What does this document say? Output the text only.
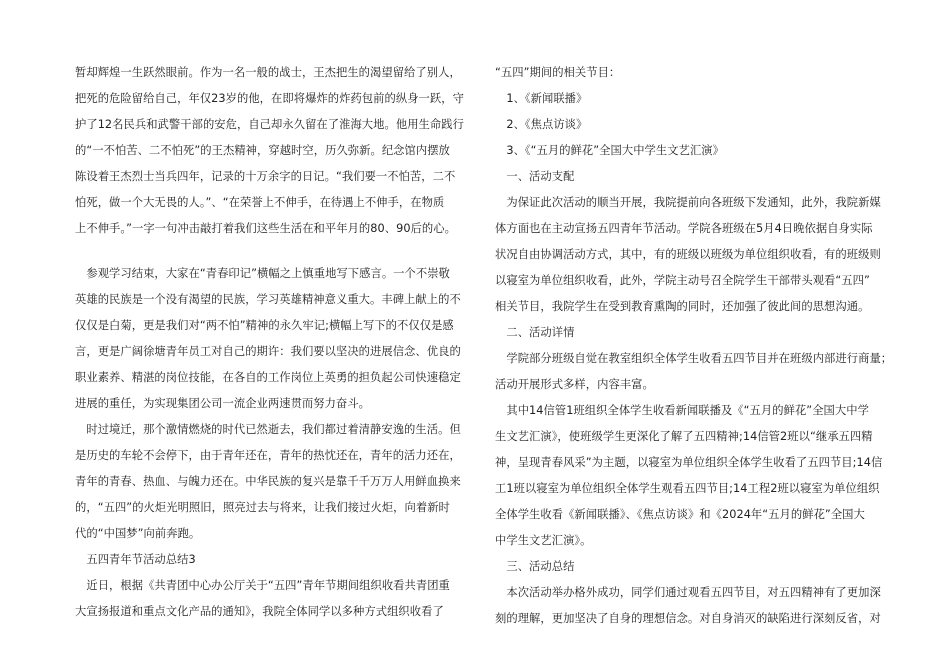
暂却辉煌一生跃然眼前。作为一名一般的战士，王杰把生的渴望留给了别人，

把死的危险留给自己，年仅23岁的他，在即将爆炸的炸药包前的纵身一跃，守

护了12名民兵和武警干部的安危，自己却永久留在了淮海大地。他用生命践行

的“一不怕苦、二不怕死”的王杰精神，穿越时空，历久弥新。纪念馆内摆放

陈设着王杰烈士当兵四年，记录的十万余字的日记。“我们要一不怕苦，二不

怕死，做一个大无畏的人。”、“在荣誉上不伸手，在待遇上不伸手，在物质

上不伸手。”一字一句冲击敲打着我们这些生活在和平年月的80、90后的心。

　参观学习结束，大家在“青春印记”横幅之上慎重地写下感言。一个不崇敬

英雄的民族是一个没有渴望的民族，学习英雄精神意义重大。丰碑上献上的不

仅仅是白菊，更是我们对“两不怕”精神的永久牢记;横幅上写下的不仅仅是感

言，更是广阔徐塘青年员工对自己的期许：我们要以坚决的进展信念、优良的

职业素养、精湛的岗位技能，在各自的工作岗位上英勇的担负起公司快速稳定

进展的重任，为实现集团公司一流企业两速贯而努力奋斗。

　时过境迁，那个激情燃烧的时代已然逝去，我们都过着清静安逸的生活。但

是历史的车轮不会停下，由于青年还在，青年的热忱还在，青年的活力还在，

青年的青春、热血、与魄力还在。中华民族的复兴是靠千千万万人用鲜血换来

的，“五四”的火炬光明照旧，照亮过去与将来，让我们接过火炬，向着新时

代的“中国梦”向前奔跑。

　五四青年节活动总结3

　近日，根据《共青团中心办公厅关于“五四”青年节期间组织收看共青团重

大宣扬报道和重点文化产品的通知》，我院全体同学以多种方式组织收看了

“五四”期间的相关节目：

　1、《新闻联播》

　2、《焦点访谈》

　3、《“五月的鲜花”全国大中学生文艺汇演》

　一、活动支配

　为保证此次活动的顺当开展，我院提前向各班级下发通知，此外，我院新媒

体方面也在主动宣扬五四青年节活动。学院各班级在5月4日晚依据自身实际

状况自由协调活动方式，其中，有的班级以班级为单位组织收看，有的班级则

以寝室为单位组织收看，此外，学院主动号召全院学生干部带头观看“五四”

相关节目，我院学生在受到教育熏陶的同时，还加强了彼此间的思想沟通。

　二、活动详情

　学院部分班级自觉在教室组织全体学生收看五四节目并在班级内部进行商量；

活动开展形式多样，内容丰富。

　其中14信管1班组织全体学生收看新闻联播及《“五月的鲜花”全国大中学

生文艺汇演》，使班级学生更深化了解了五四精神;14信管2班以“继承五四精

神，呈现青春风采”为主题，以寝室为单位组织全体学生收看了五四节目;14信

工1班以寝室为单位组织全体学生观看五四节目;14工程2班以寝室为单位组织

全体学生收看《新闻联播》、《焦点访谈》和《2024年“五月的鲜花”全国大

中学生文艺汇演》。

　三、活动总结

　本次活动举办格外成功，同学们通过观看五四节目，对五四精神有了更加深

刻的理解，更加坚决了自身的理想信念。对自身消灭的缺陷进行深刻反省，对
